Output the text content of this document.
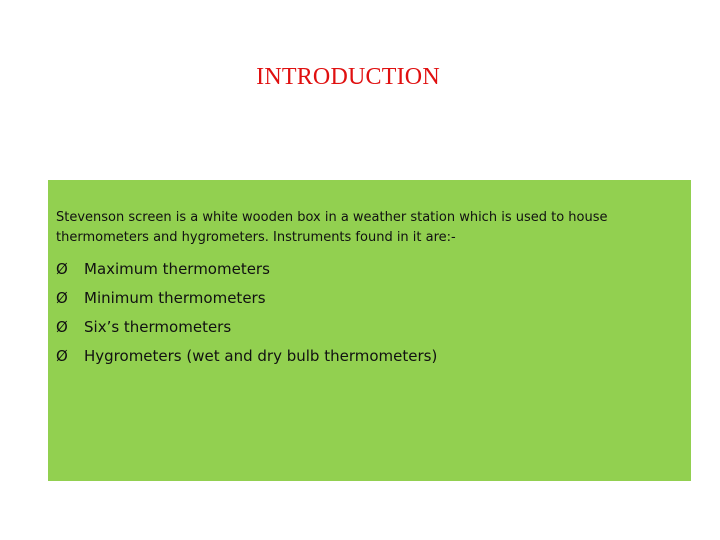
INTRODUCTION

Stevenson screen is a white wooden box in a weather station which is used to house thermometers and hygrometers. Instruments found in it are:-

Ø	Maximum thermometers
Ø	Minimum thermometers
Ø	Six’s thermometers
Ø	Hygrometers (wet and dry bulb thermometers)
